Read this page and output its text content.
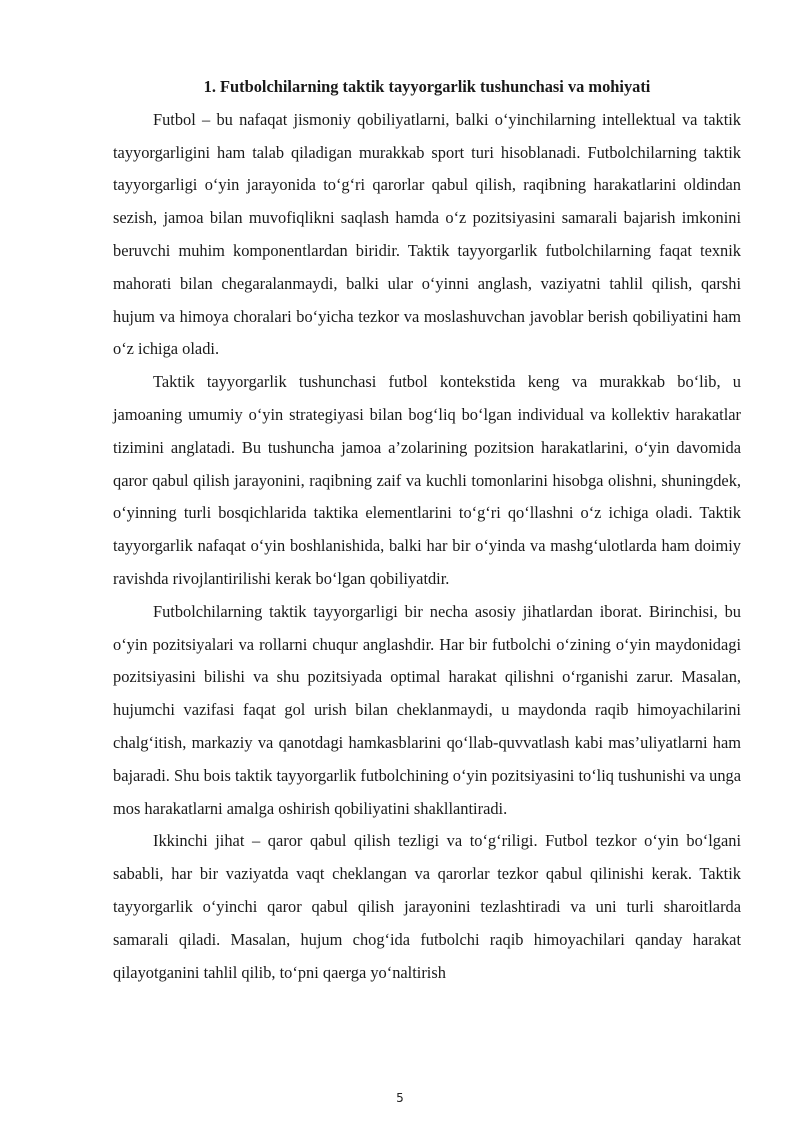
1. Futbolchilarning taktik tayyorgarlik tushunchasi va mohiyati

Futbol – bu nafaqat jismoniy qobiliyatlarni, balki o‘yinchilarning intellektual va taktik tayyorgarligini ham talab qiladigan murakkab sport turi hisoblanadi. Futbolchilarning taktik tayyorgarligi o‘yin jarayonida to‘g‘ri qarorlar qabul qilish, raqibning harakatlarini oldindan sezish, jamoa bilan muvofiqlikni saqlash hamda o‘z pozitsiyasini samarali bajarish imkonini beruvchi muhim komponentlardan biridir. Taktik tayyorgarlik futbolchilarning faqat texnik mahorati bilan chegaralanmaydi, balki ular o‘yinni anglash, vaziyatni tahlil qilish, qarshi hujum va himoya choralari bo‘yicha tezkor va moslashuvchan javoblar berish qobiliyatini ham o‘z ichiga oladi.

Taktik tayyorgarlik tushunchasi futbol kontekstida keng va murakkab bo‘lib, u jamoaning umumiy o‘yin strategiyasi bilan bog‘liq bo‘lgan individual va kollektiv harakatlar tizimini anglatadi. Bu tushuncha jamoa a’zolarining pozitsion harakatlarini, o‘yin davomida qaror qabul qilish jarayonini, raqibning zaif va kuchli tomonlarini hisobga olishni, shuningdek, o‘yinning turli bosqichlarida taktika elementlarini to‘g‘ri qo‘llashni o‘z ichiga oladi. Taktik tayyorgarlik nafaqat o‘yin boshlanishida, balki har bir o‘yinda va mashg‘ulotlarda ham doimiy ravishda rivojlantirilishi kerak bo‘lgan qobiliyatdir.

Futbolchilarning taktik tayyorgarligi bir necha asosiy jihatlardan iborat. Birinchisi, bu o‘yin pozitsiyalari va rollarni chuqur anglashdir. Har bir futbolchi o‘zining o‘yin maydonidagi pozitsiyasini bilishi va shu pozitsiyada optimal harakat qilishni o‘rganishi zarur. Masalan, hujumchi vazifasi faqat gol urish bilan cheklanmaydi, u maydonda raqib himoyachilarini chalg‘itish, markaziy va qanotdagi hamkasblarini qo‘llab-quvvatlash kabi mas’uliyatlarni ham bajaradi. Shu bois taktik tayyorgarlik futbolchining o‘yin pozitsiyasini to‘liq tushunishi va unga mos harakatlarni amalga oshirish qobiliyatini shakllantiradi.

Ikkinchi jihat – qaror qabul qilish tezligi va to‘g‘riligi. Futbol tezkor o‘yin bo‘lgani sababli, har bir vaziyatda vaqt cheklangan va qarorlar tezkor qabul qilinishi kerak. Taktik tayyorgarlik o‘yinchi qaror qabul qilish jarayonini tezlashtiradi va uni turli sharoitlarda samarali qiladi. Masalan, hujum chog‘ida futbolchi raqib himoyachilari qanday harakat qilayotganini tahlil qilib, to‘pni qaerga yo‘naltirish

5
